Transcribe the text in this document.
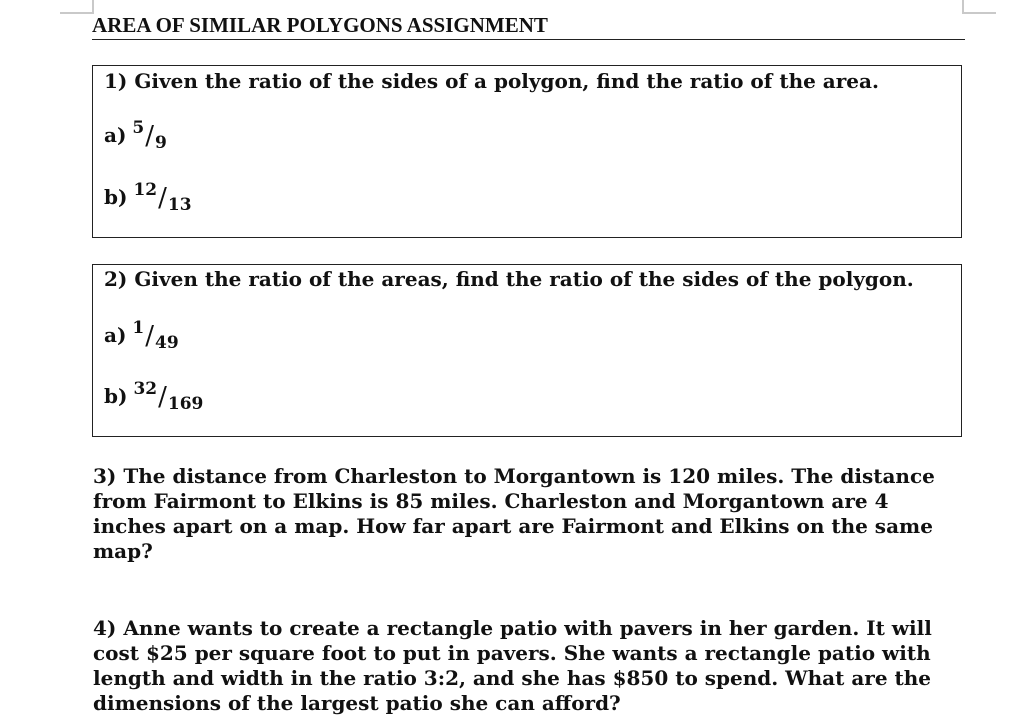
AREA OF SIMILAR POLYGONS ASSIGNMENT
1) Given the ratio of the sides of a polygon, find the ratio of the area.
a) 5/9
b) 12/13
2) Given the ratio of the areas, find the ratio of the sides of the polygon.
a) 1/49
b) 32/169
3) The distance from Charleston to Morgantown is 120 miles. The distance from Fairmont to Elkins is 85 miles. Charleston and Morgantown are 4 inches apart on a map. How far apart are Fairmont and Elkins on the same map?
4) Anne wants to create a rectangle patio with pavers in her garden. It will cost $25 per square foot to put in pavers. She wants a rectangle patio with length and width in the ratio 3:2, and she has $850 to spend. What are the dimensions of the largest patio she can afford?
